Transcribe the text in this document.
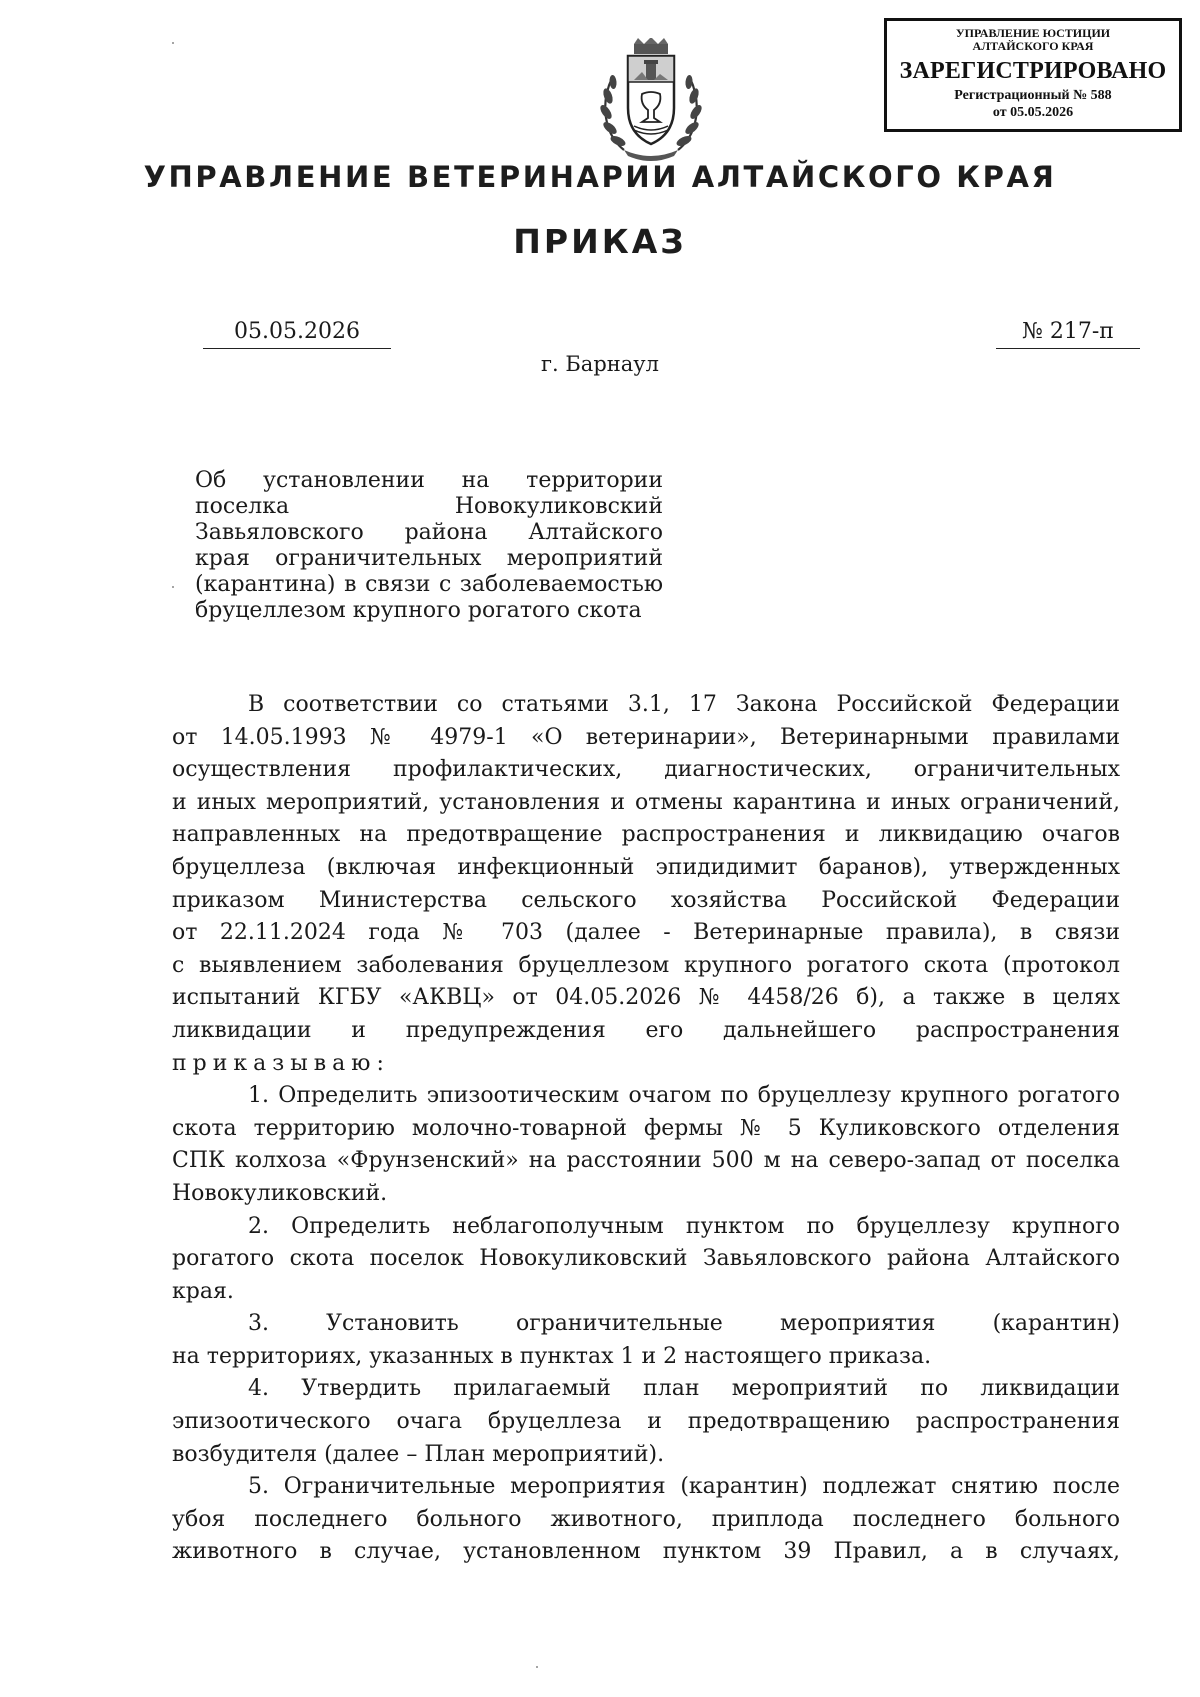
УПРАВЛЕНИЕ ЮСТИЦИИ АЛТАЙСКОГО КРАЯ
ЗАРЕГИСТРИРОВАНО
Регистрационный № 588
от 05.05.2026
УПРАВЛЕНИЕ ВЕТЕРИНАРИИ АЛТАЙСКОГО КРАЯ
ПРИКАЗ
05.05.2026	№ 217-п
г. Барнаул
Об установлении на территории
поселка Новокуликовский
Завьяловского района Алтайского
края ограничительных мероприятий
(карантина) в связи с заболеваемостью
бруцеллезом крупного рогатого скота
В соответствии со статьями 3.1, 17 Закона Российской Федерации
от 14.05.1993 № 4979-1 «О ветеринарии», Ветеринарными правилами
осуществления профилактических, диагностических, ограничительных
и иных мероприятий, установления и отмены карантина и иных ограничений,
направленных на предотвращение распространения и ликвидацию очагов
бруцеллеза (включая инфекционный эпидидимит баранов), утвержденных
приказом Министерства сельского хозяйства Российской Федерации
от 22.11.2024 года № 703 (далее - Ветеринарные правила), в связи
с выявлением заболевания бруцеллезом крупного рогатого скота (протокол
испытаний КГБУ «АКВЦ» от 04.05.2026 № 4458/26 б), а также в целях
ликвидации и предупреждения его дальнейшего распространения
приказываю:
1. Определить эпизоотическим очагом по бруцеллезу крупного рогатого
скота территорию молочно-товарной фермы № 5 Куликовского отделения
СПК колхоза «Фрунзенский» на расстоянии 500 м на северо-запад от поселка
Новокуликовский.
2. Определить неблагополучным пунктом по бруцеллезу крупного
рогатого скота поселок Новокуликовский Завьяловского района Алтайского
края.
3. Установить ограничительные мероприятия (карантин)
на территориях, указанных в пунктах 1 и 2 настоящего приказа.
4. Утвердить прилагаемый план мероприятий по ликвидации
эпизоотического очага бруцеллеза и предотвращению распространения
возбудителя (далее – План мероприятий).
5. Ограничительные мероприятия (карантин) подлежат снятию после
убоя последнего больного животного, приплода последнего больного
животного в случае, установленном пунктом 39 Правил, а в случаях,
